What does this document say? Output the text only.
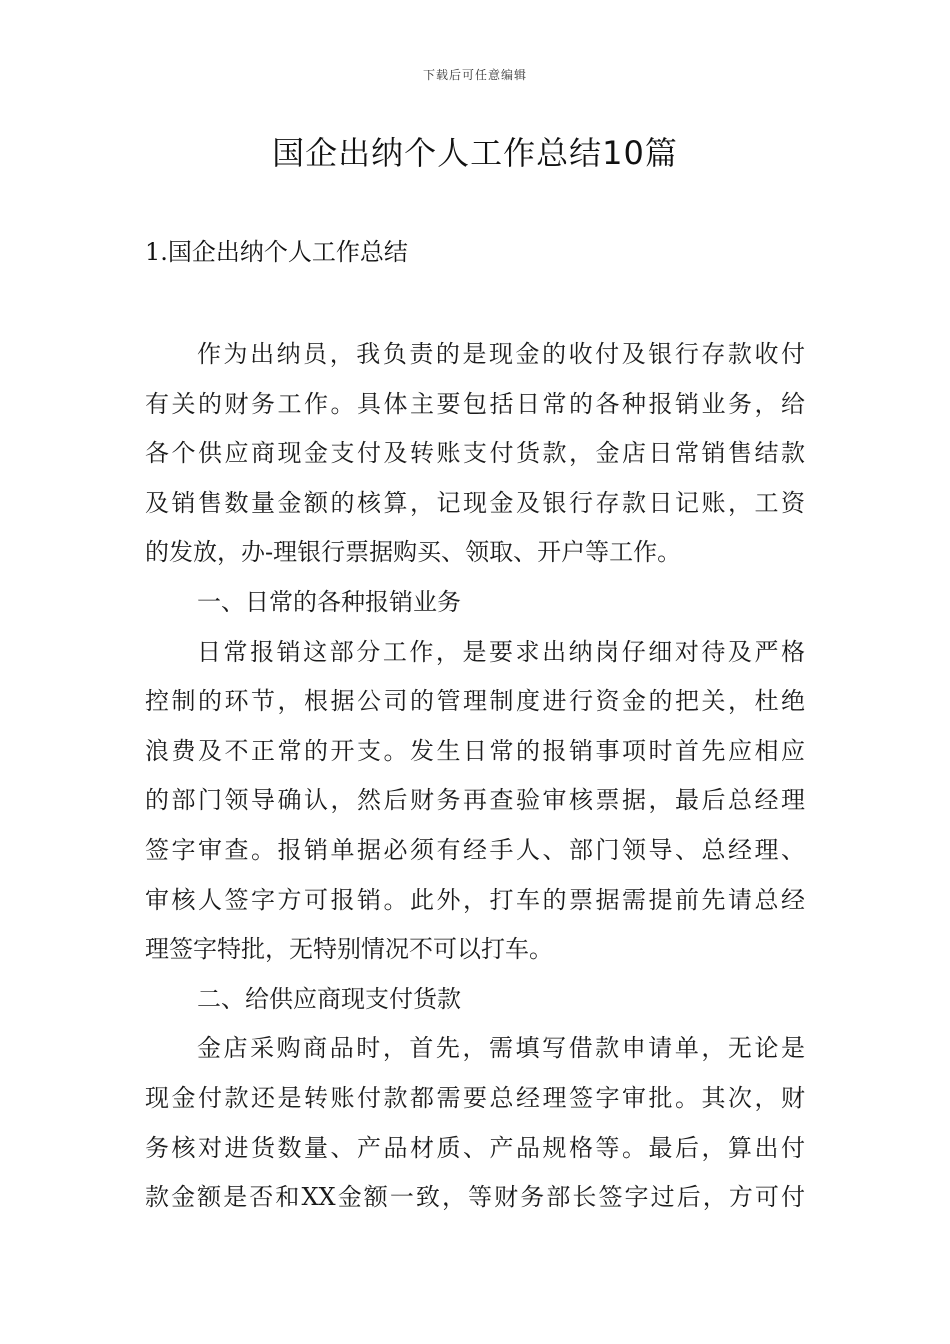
下载后可任意编辑
国企出纳个人工作总结10篇
1.国企出纳个人工作总结
作为出纳员，我负责的是现金的收付及银行存款收付
有关的财务工作。具体主要包括日常的各种报销业务，给
各个供应商现金支付及转账支付货款，金店日常销售结款
及销售数量金额的核算，记现金及银行存款日记账，工资
的发放，办-理银行票据购买、领取、开户等工作。
一、日常的各种报销业务
日常报销这部分工作，是要求出纳岗仔细对待及严格
控制的环节，根据公司的管理制度进行资金的把关，杜绝
浪费及不正常的开支。发生日常的报销事项时首先应相应
的部门领导确认，然后财务再查验审核票据，最后总经理
签字审查。报销单据必须有经手人、部门领导、总经理、
审核人签字方可报销。此外，打车的票据需提前先请总经
理签字特批，无特别情况不可以打车。
二、给供应商现支付货款
金店采购商品时，首先，需填写借款申请单，无论是
现金付款还是转账付款都需要总经理签字审批。其次，财
务核对进货数量、产品材质、产品规格等。最后，算出付
款金额是否和XX金额一致，等财务部长签字过后，方可付
